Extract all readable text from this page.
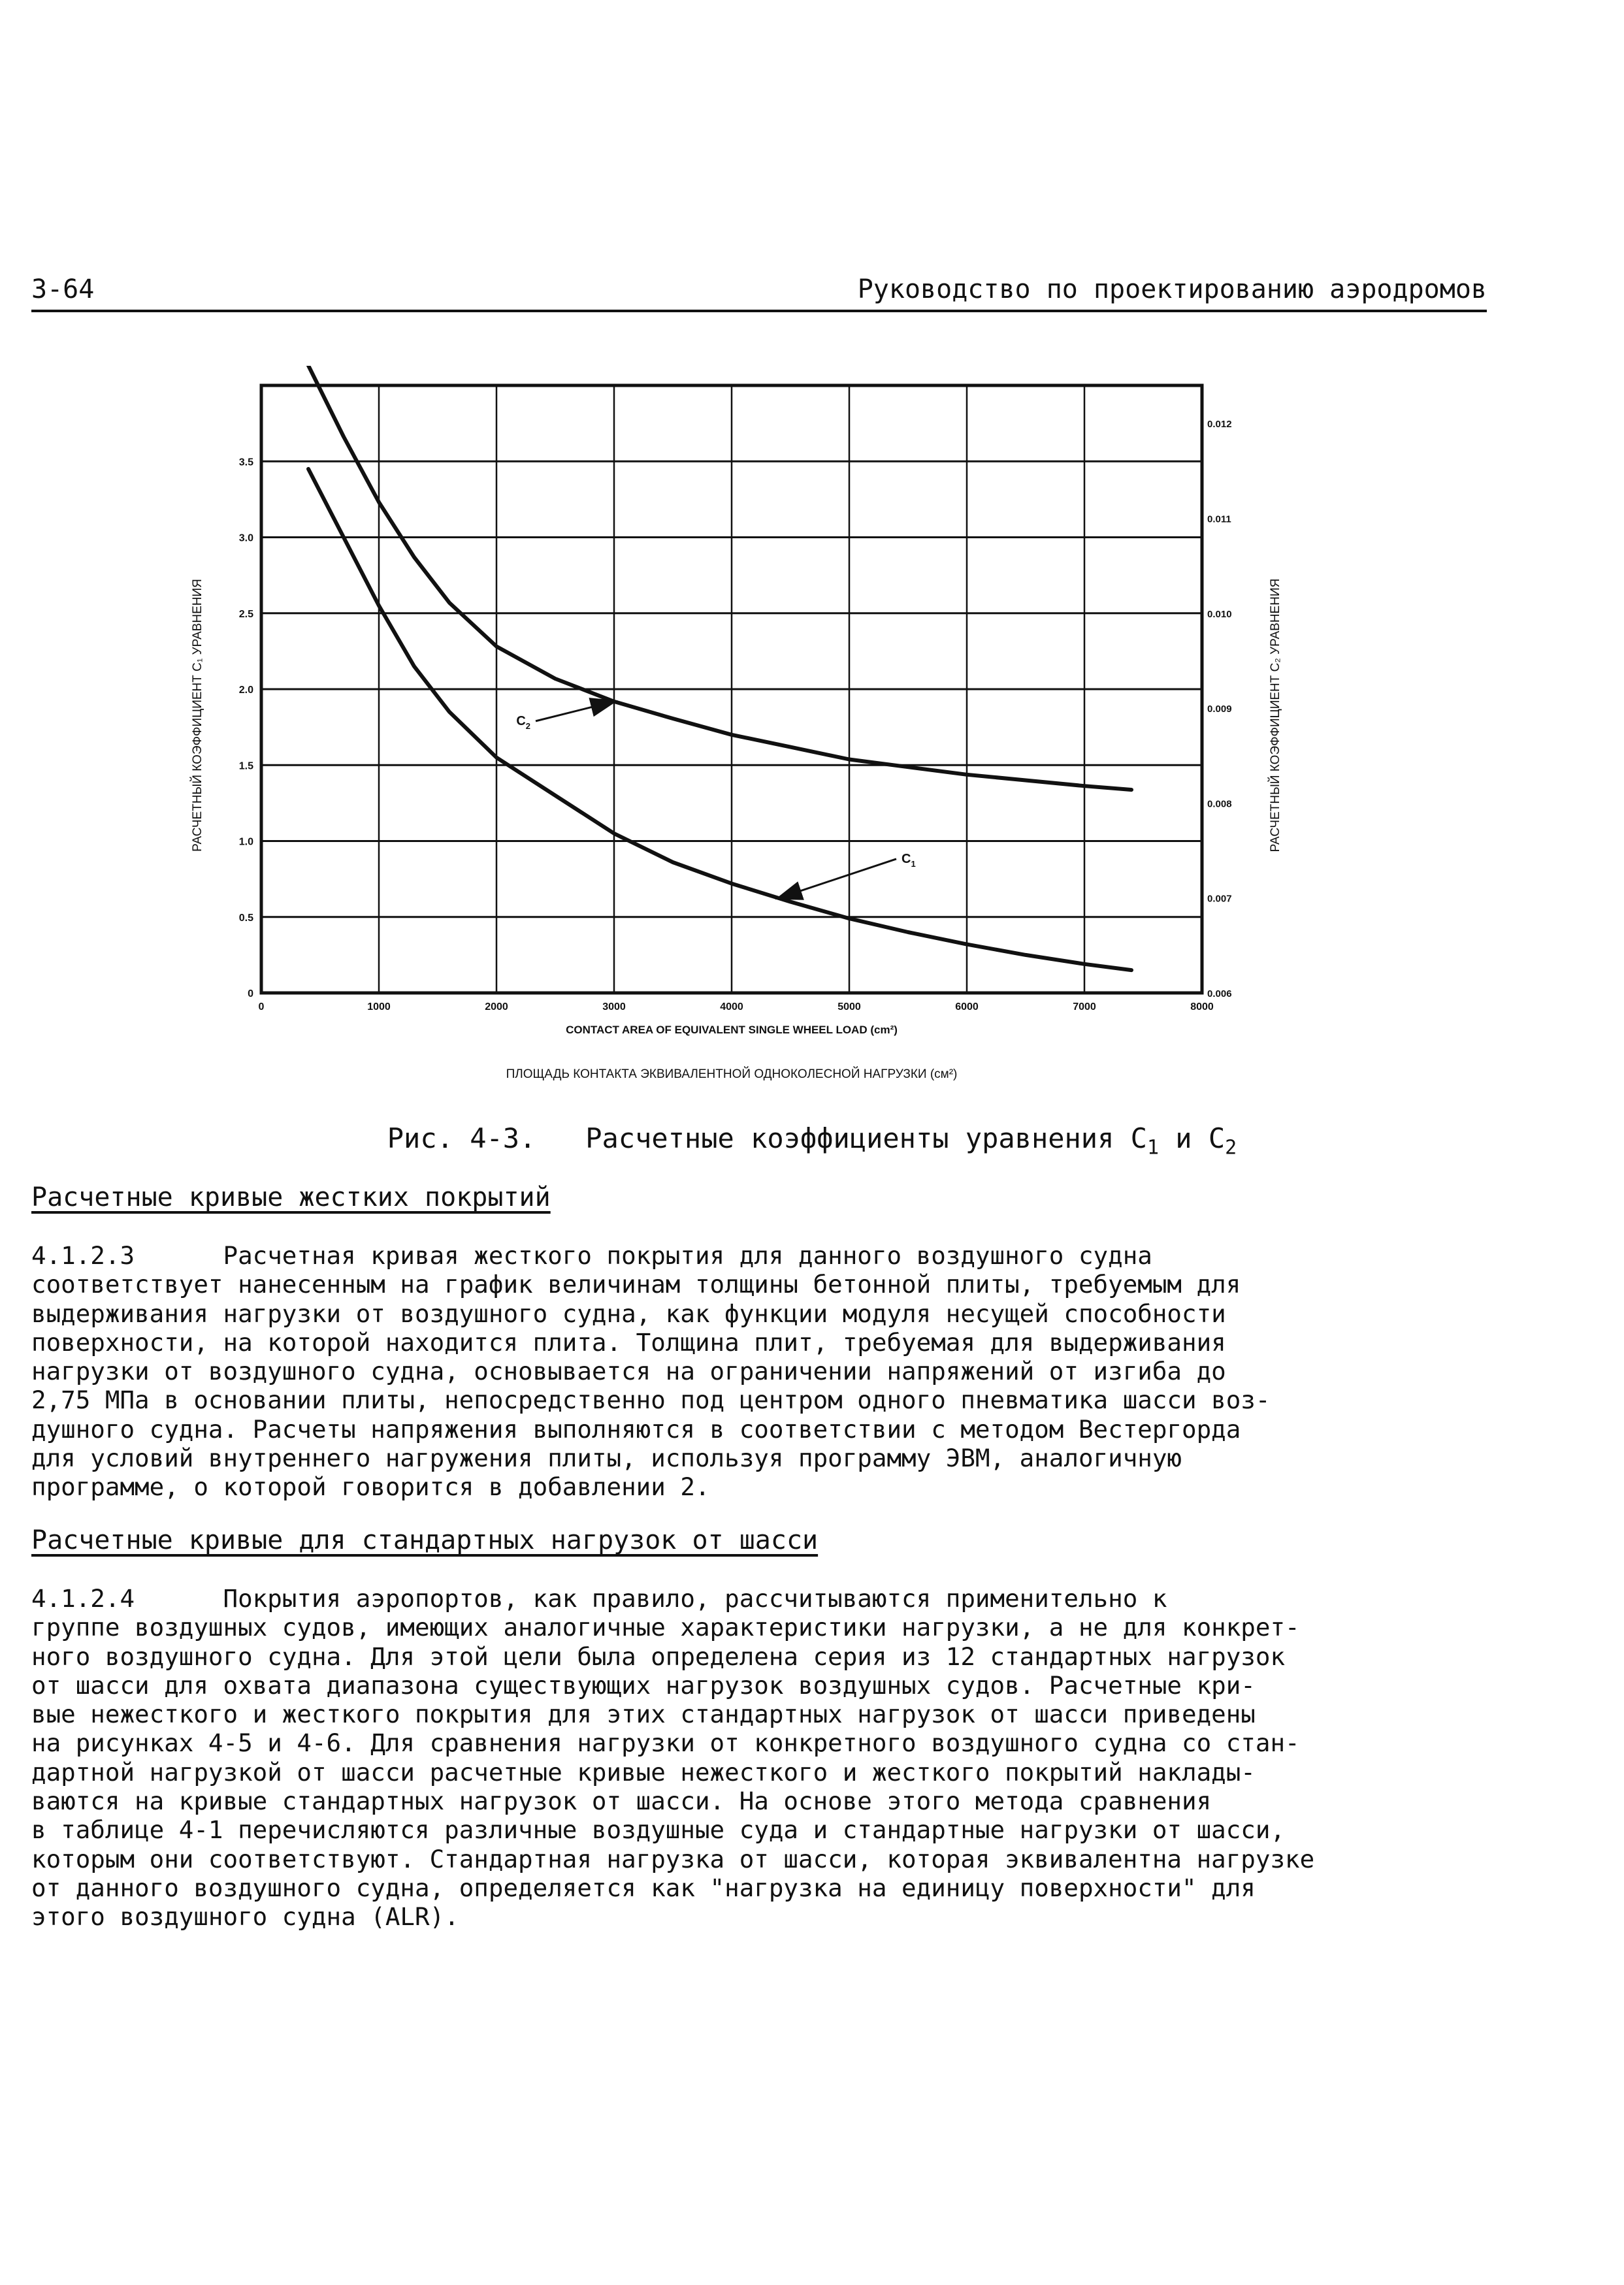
3-64	Руководство по проектированию аэродромов
0	1000	2000	3000	4000	5000	6000	7000	8000
0
0.5
1.0
1.5
2.0
2.5
3.0
3.5
0.006
0.007
0.008
0.009
0.010
0.011
0.012
CONTACT AREA OF EQUIVALENT SINGLE WHEEL LOAD (cm²)
ПЛОЩАДЬ КОНТАКТА ЭКВИВАЛЕНТНОЙ ОДНОКОЛЕСНОЙ НАГРУЗКИ (см²)
РАСЧЕТНЫЙ КОЭФФИЦИЕНТ C₁ УРАВНЕНИЯ	РАСЧЕТНЫЙ КОЭФФИЦИЕНТ C₂ УРАВНЕНИЯ
$C_1$
$C_2$
Рис. 4-3. Расчетные коэффициенты уравнения $C_1$ и $C_2$
Расчетные кривые жестких покрытий

4.1.2.3      Расчетная кривая жесткого покрытия для данного воздушного судна
соответствует нанесенным на график величинам толщины бетонной плиты, требуемым для
выдерживания нагрузки от воздушного судна, как функции модуля несущей способности
поверхности, на которой находится плита. Толщина плит, требуемая для выдерживания
нагрузки от воздушного судна, основывается на ограничении напряжений от изгиба до
2,75 МПа в основании плиты, непосредственно под центром одного пневматика шасси воз-
душного судна. Расчеты напряжения выполняются в соответствии с методом Вестергорда
для условий внутреннего нагружения плиты, используя программу ЭВМ, аналогичную
программе, о которой говорится в добавлении 2.

Расчетные кривые для стандартных нагрузок от шасси

4.1.2.4      Покрытия аэропортов, как правило, рассчитываются применительно к
группе воздушных судов, имеющих аналогичные характеристики нагрузки, а не для конкрет-
ного воздушного судна. Для этой цели была определена серия из 12 стандартных нагрузок
от шасси для охвата диапазона существующих нагрузок воздушных судов. Расчетные кри-
вые нежесткого и жесткого покрытия для этих стандартных нагрузок от шасси приведены
на рисунках 4-5 и 4-6. Для сравнения нагрузки от конкретного воздушного судна со стан-
дартной нагрузкой от шасси расчетные кривые нежесткого и жесткого покрытий наклады-
ваются на кривые стандартных нагрузок от шасси. На основе этого метода сравнения
в таблице 4-1 перечисляются различные воздушные суда и стандартные нагрузки от шасси,
которым они соответствуют. Стандартная нагрузка от шасси, которая эквивалентна нагрузке
от данного воздушного судна, определяется как "нагрузка на единицу поверхности" для
этого воздушного судна (ALR).
